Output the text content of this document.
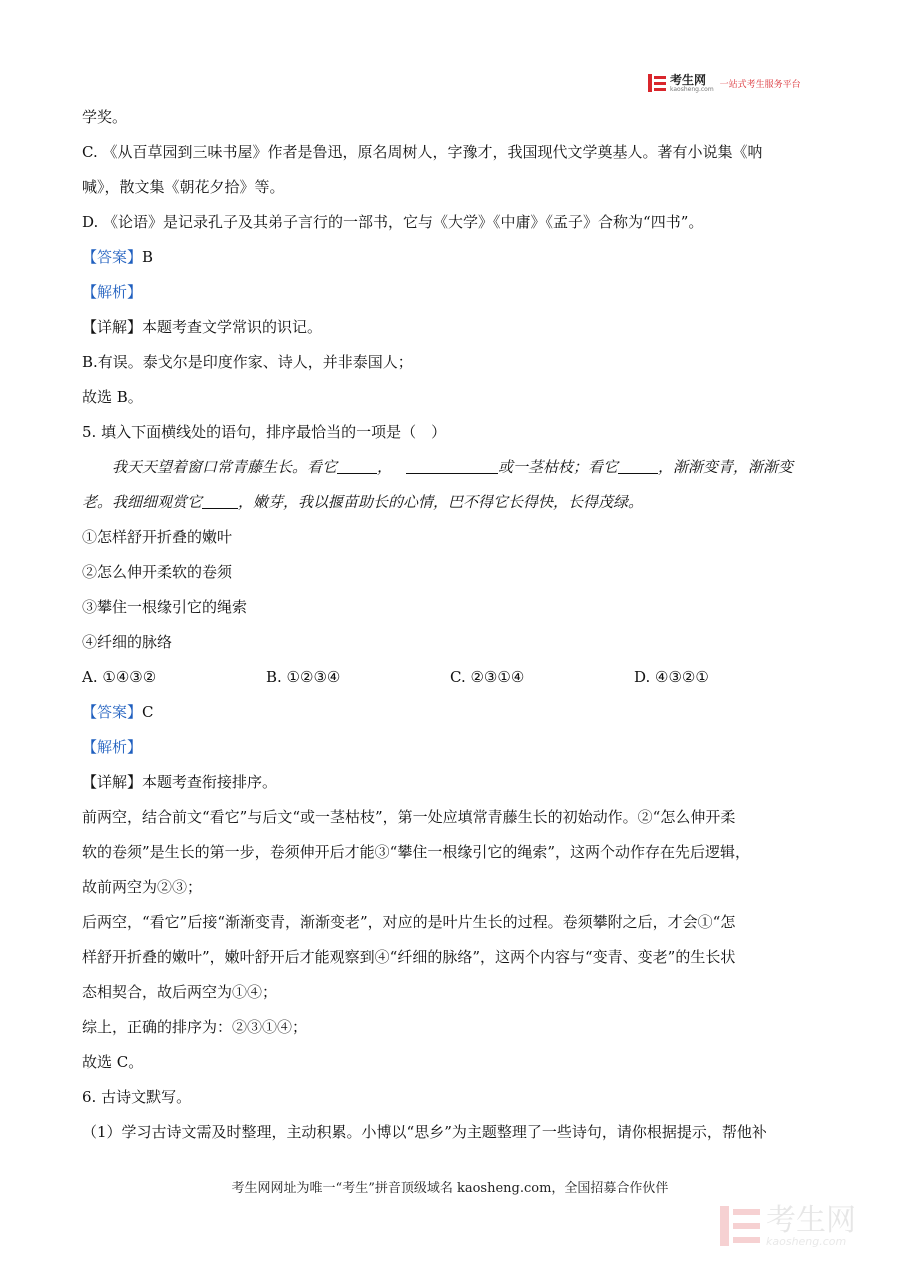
考生网
kaosheng.com 一站式考生服务平台
学奖。
C. 《从百草园到三味书屋》作者是鲁迅，原名周树人，字豫才，我国现代文学奠基人。著有小说集《呐
喊》，散文集《朝花夕拾》等。
D. 《论语》是记录孔子及其弟子言行的一部书，它与《大学》《中庸》《孟子》合称为“四书”。
【答案】B
【解析】
【详解】本题考查文学常识的识记。
B.有误。泰戈尔是印度作家、诗人，并非泰国人；
故选 B。
5. 填入下面横线处的语句，排序最恰当的一项是（　）
我天天望着窗口常青藤生长。看它	，	或一茎枯枝；看它	，渐渐变青，渐渐变
老。我细细观赏它 ，嫩芽，我以揠苗助长的心情，巴不得它长得快，长得茂绿。
①怎样舒开折叠的嫩叶
②怎么伸开柔软的卷须
③攀住一根缘引它的绳索
④纤细的脉络
A. ①④③②	B. ①②③④	C. ②③①④	D. ④③②①
【答案】C
【解析】
【详解】本题考查衔接排序。
前两空，结合前文“看它”与后文“或一茎枯枝”，第一处应填常青藤生长的初始动作。②“怎么伸开柔
软的卷须”是生长的第一步，卷须伸开后才能③“攀住一根缘引它的绳索”，这两个动作存在先后逻辑，
故前两空为②③；
后两空，“看它”后接“渐渐变青，渐渐变老”，对应的是叶片生长的过程。卷须攀附之后，才会①“怎
样舒开折叠的嫩叶”，嫩叶舒开后才能观察到④“纤细的脉络”，这两个内容与“变青、变老”的生长状
态相契合，故后两空为①④；
综上，正确的排序为：②③①④；
故选 C。
6. 古诗文默写。
（1）学习古诗文需及时整理，主动积累。小博以“思乡”为主题整理了一些诗句，请你根据提示，帮他补
考生网网址为唯一“考生”拼音顶级域名 kaosheng.com，全国招募合作伙伴
考生网
kaosheng.com
